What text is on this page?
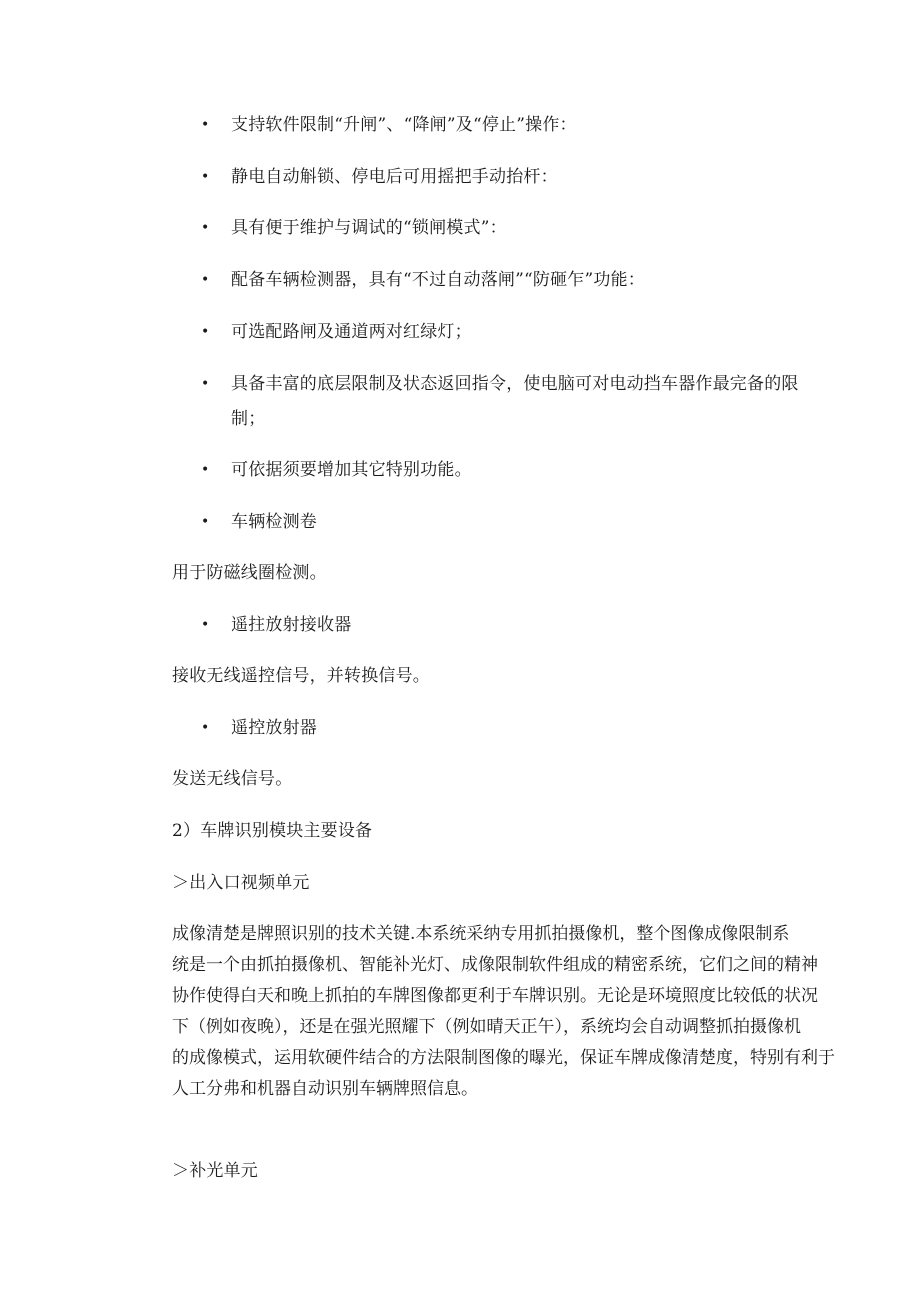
• 支持软件限制“升闸”、“降闸”及“停止”操作：
• 静电自动斛锁、停电后可用摇把手动抬杆：
• 具有便于维护与调试的“锁闸模式”：
• 配备车辆检测器，具有“不过自动落闸”“防砸乍”功能：
• 可选配路闸及通道两对红绿灯；
• 具备丰富的底层限制及状态返回指令，使电脑可对电动挡车器作最完备的限
制；
• 可依据须要增加其它特别功能。
• 车辆检测卷
用于防磁线圈检测。
• 遥拄放射接收器
接收无线遥控信号，并转换信号。
• 遥控放射器
发送无线信号。
2）车牌识别模块主要设备
＞出入口视频单元
成像清楚是牌照识别的技术关键.本系统采纳专用抓拍摄像机，整个图像成像限制系
统是一个由抓拍摄像机、智能补光灯、成像限制软件组成的精密系统，它们之间的精神
协作使得白天和晚上抓拍的车牌图像都更利于车牌识别。无论是环境照度比较低的状况
下（例如夜晚），还是在强光照耀下（例如晴天正午），系统均会自动调整抓拍摄像机
的成像模式，运用软硬件结合的方法限制图像的曝光，保证车牌成像清楚度，特别有利于
人工分弗和机器自动识别车辆牌照信息。
＞补光单元
